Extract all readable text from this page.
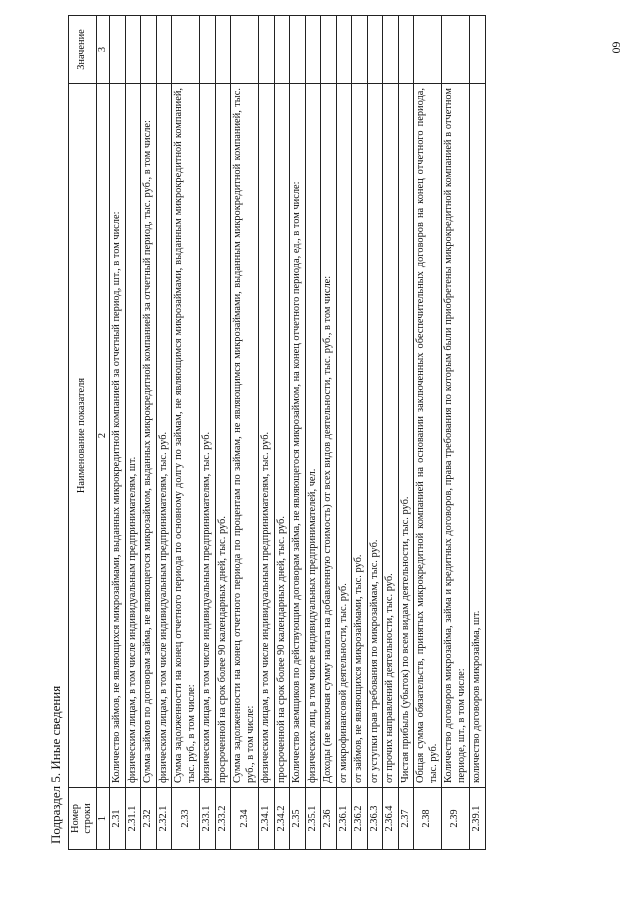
60
Подраздел 5. Иные сведения Номер строки	Наименование показателя	Значение
1	2	3
2.31	Количество займов, не являющихся микрозаймами, выданных микрокредитной компанией за отчетный период, шт., в том числе:	
2.31.1	физическим лицам, в том числе индивидуальным предпринимателям, шт.	
2.32	Сумма займов по договорам займа, не являющегося микрозаймом, выданных микрокредитной компанией за отчетный период, тыс. руб., в том числе:	
2.32.1	физическим лицам, в том числе индивидуальным предпринимателям, тыс. руб.	
2.33	Сумма задолженности на конец отчетного периода по основному долгу по займам, не являющимся микрозаймами, выданным микрокредитной компанией, тыс. руб., в том числе:	
2.33.1	физическим лицам, в том числе индивидуальным предпринимателям, тыс. руб.	
2.33.2	просроченной на срок более 90 календарных дней, тыс. руб.	
2.34	Сумма задолженности на конец отчетного периода по процентам по займам, не являющимся микрозаймами, выданным микрокредитной компанией, тыс. руб., в том числе:	
2.34.1	физическим лицам, в том числе индивидуальным предпринимателям, тыс. руб.	
2.34.2	просроченной на срок более 90 календарных дней, тыс. руб.	
2.35	Количество заемщиков по действующим договорам займа, не являющегося микрозаймом, на конец отчетного периода, ед., в том числе:	
2.35.1	физических лиц, в том числе индивидуальных предпринимателей, чел.	
2.36	Доходы (не включая сумму налога на добавленную стоимость) от всех видов деятельности, тыс. руб., в том числе:	
2.36.1	от микрофинансовой деятельности, тыс. руб.	
2.36.2	от займов, не являющихся микрозаймами, тыс. руб.	
2.36.3	от уступки прав требования по микрозаймам, тыс. руб.	
2.36.4	от прочих направлений деятельности, тыс. руб.	
2.37	Чистая прибыль (убыток) по всем видам деятельности, тыс. руб.	
2.38	Общая сумма обязательств, принятых микрокредитной компанией на основании заключенных обеспечительных договоров на конец отчетного периода, тыс. руб.	
2.39	Количество договоров микрозайма, займа и кредитных договоров, права требования по которым были приобретены микрокредитной компанией в отчетном периоде, шт., в том числе:	
2.39.1	количество договоров микрозайма, шт.	
